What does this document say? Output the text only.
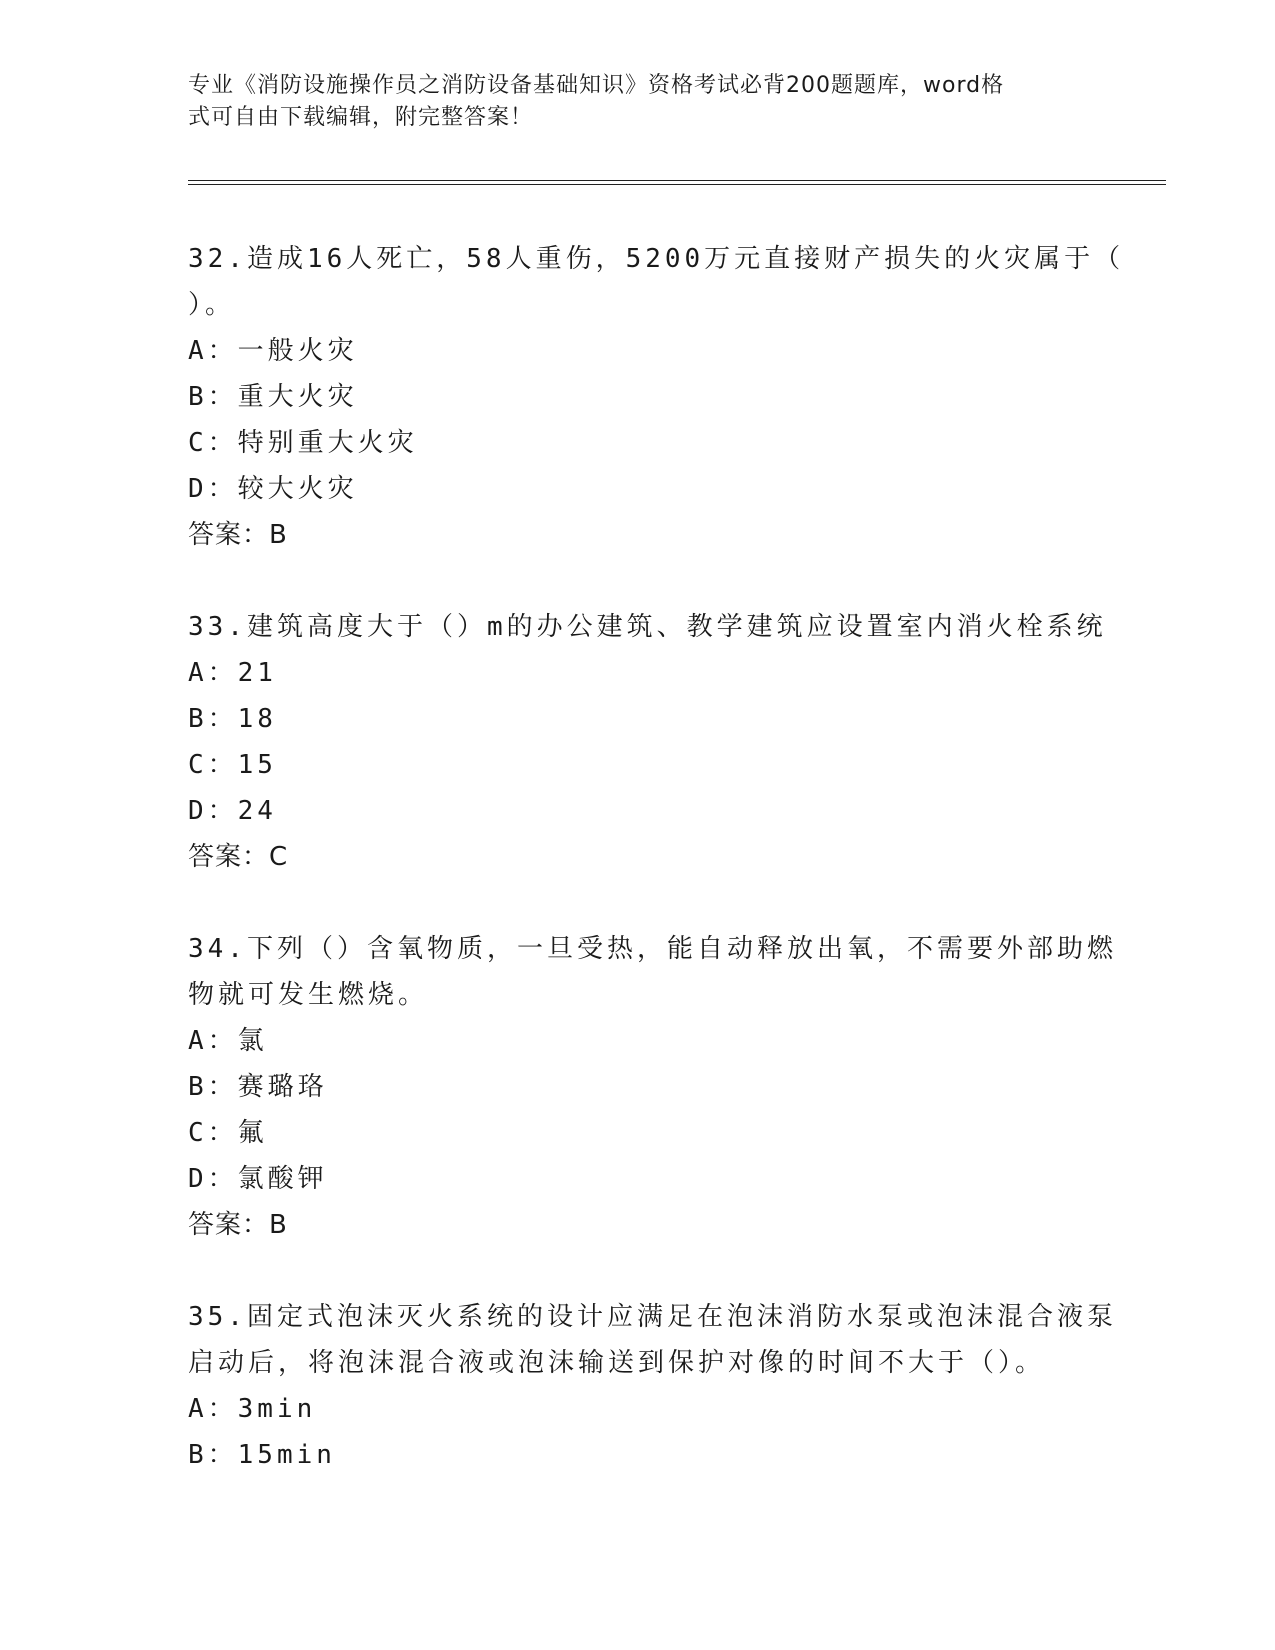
专业《消防设施操作员之消防设备基础知识》资格考试必背200题题库，word格
式可自由下载编辑，附完整答案！
32.造成16人死亡，58人重伤，5200万元直接财产损失的火灾属于（
）。
A：一般火灾
B：重大火灾
C：特别重大火灾
D：较大火灾
答案：B
33.建筑高度大于（）m的办公建筑、教学建筑应设置室内消火栓系统
A：21
B：18
C：15
D：24
答案：C
34.下列（）含氧物质，一旦受热，能自动释放出氧，不需要外部助燃
物就可发生燃烧。
A：氯
B：赛璐珞
C：氟
D：氯酸钾
答案：B
35.固定式泡沫灭火系统的设计应满足在泡沫消防水泵或泡沫混合液泵
启动后，将泡沫混合液或泡沫输送到保护对像的时间不大于（）。
A：3min
B：15min
